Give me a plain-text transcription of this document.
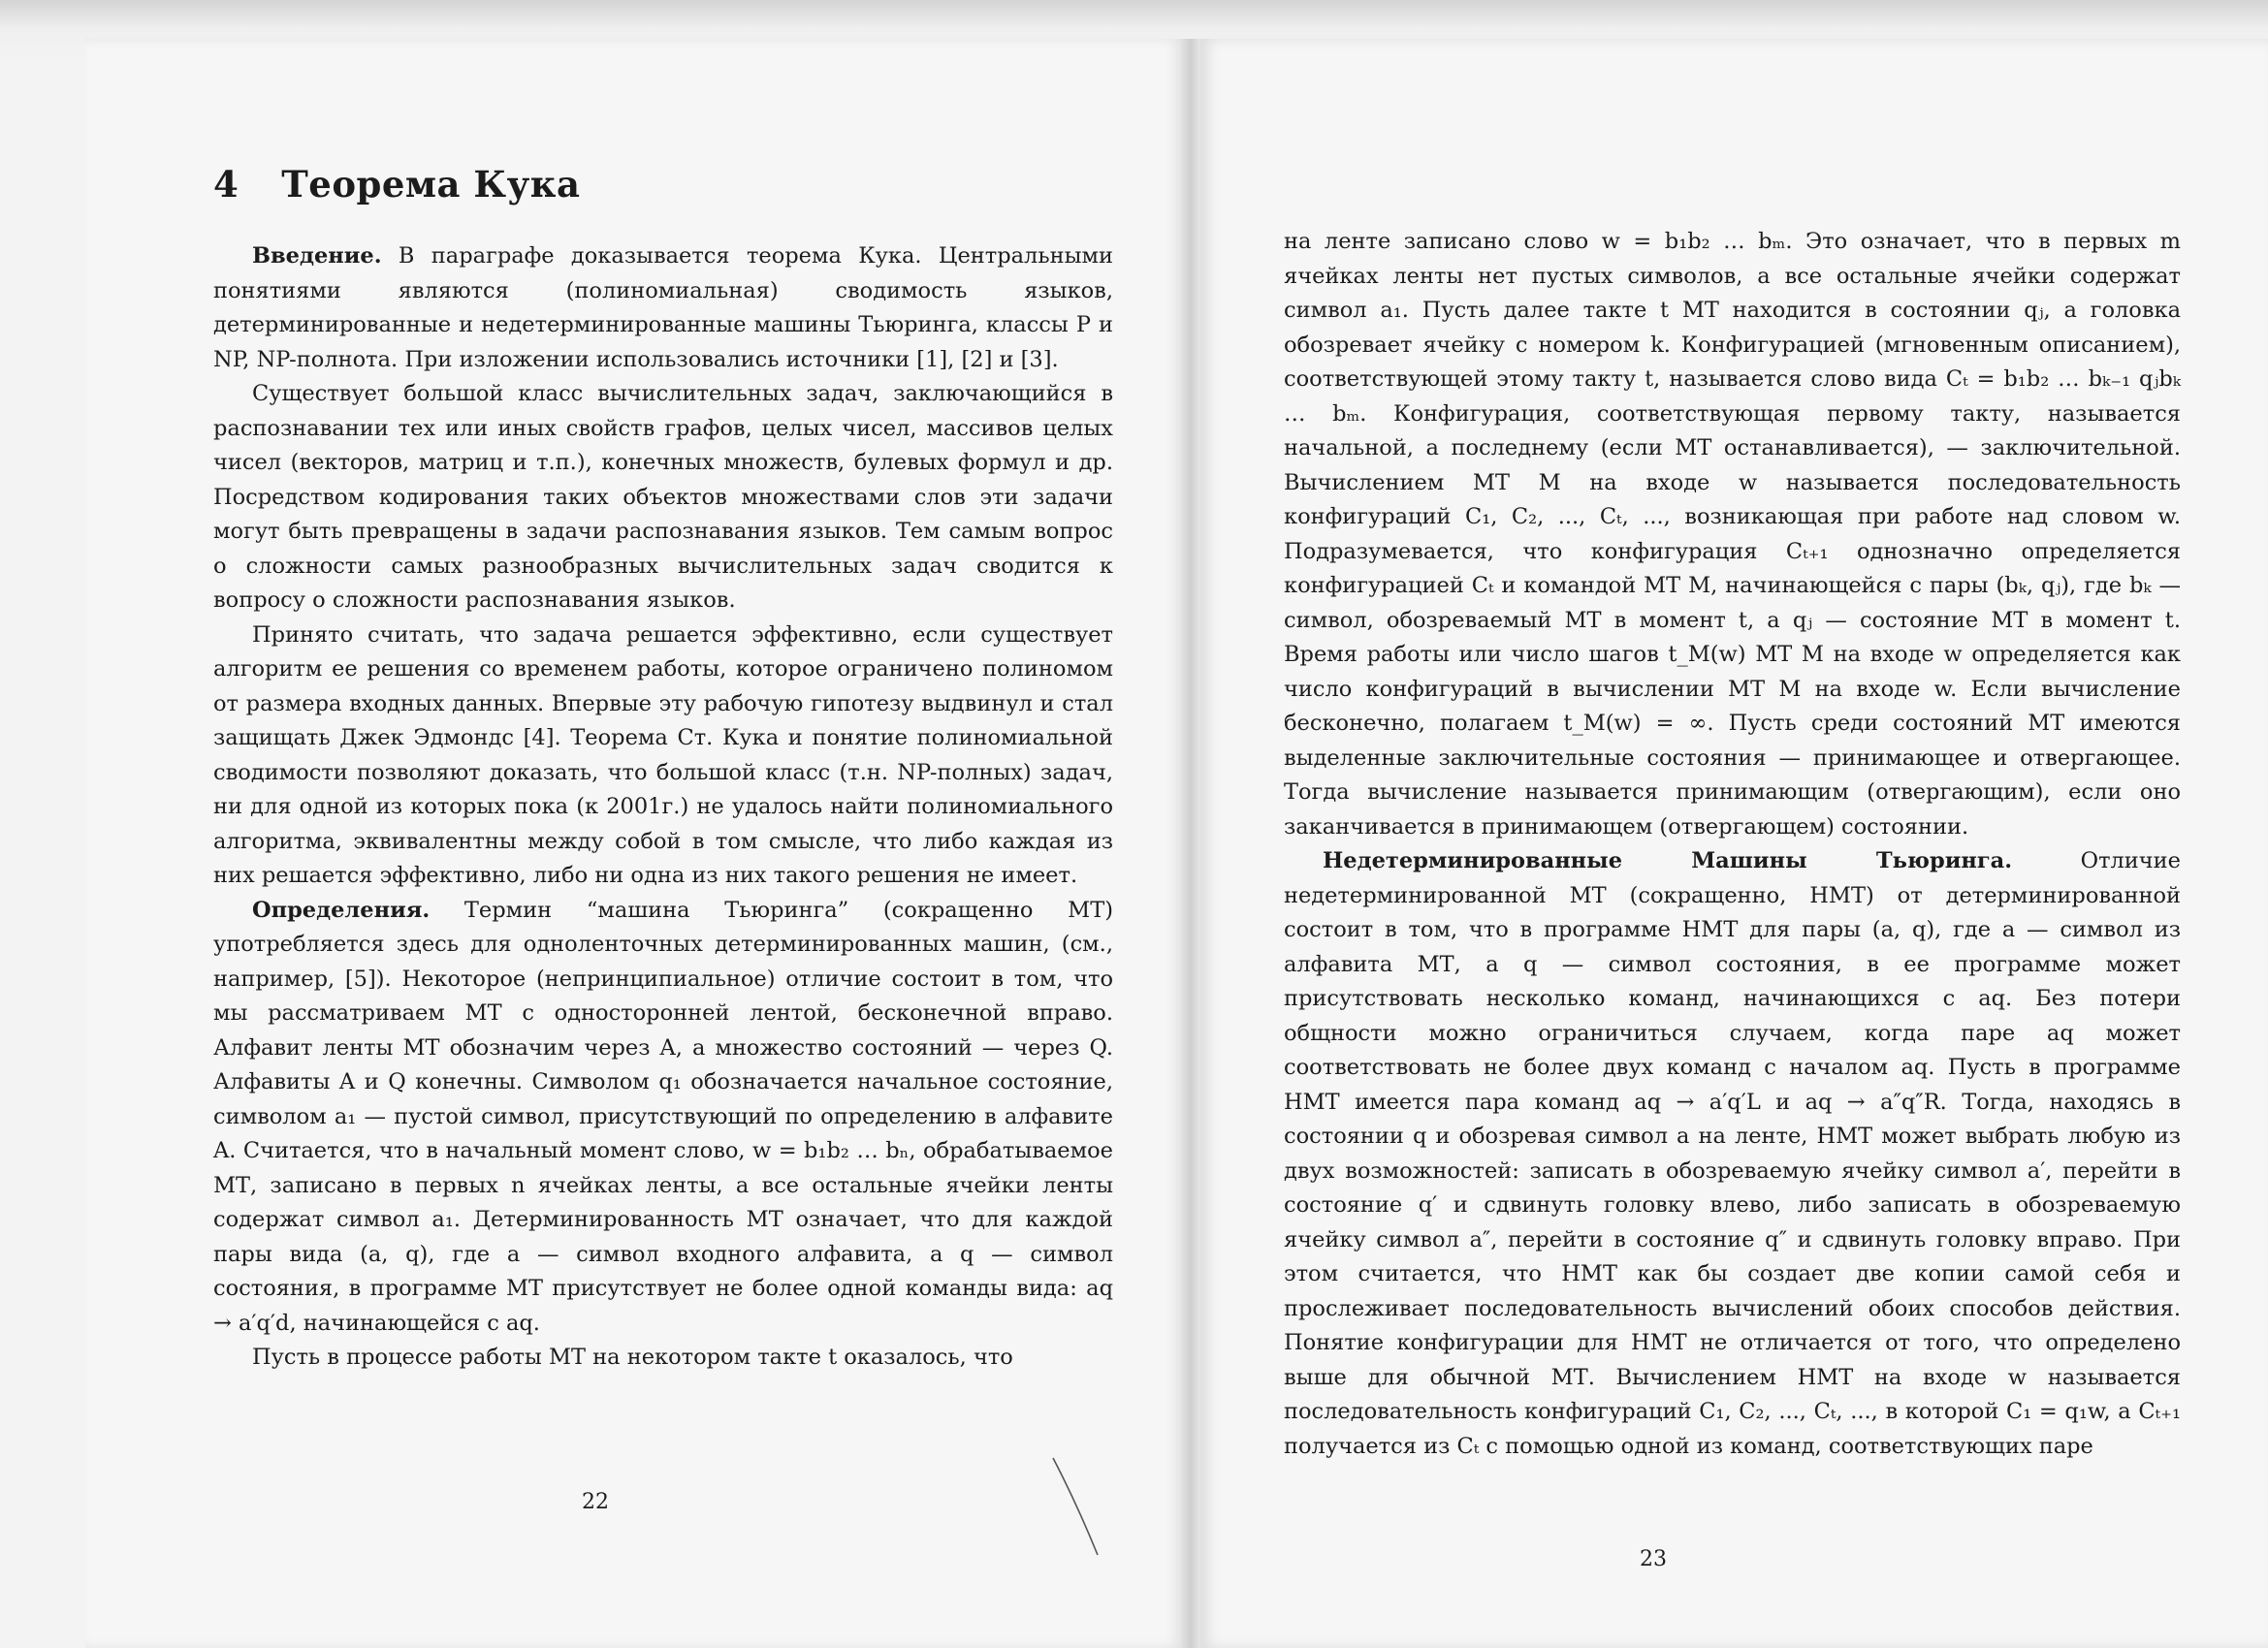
4 Теорема Кука

Введение. В параграфе доказывается теорема Кука. Центральными понятиями являются (полиномиальная) сводимость языков, детерминированные и недетерминированные машины Тьюринга, классы P и NP, NP-полнота. При изложении использовались источники [1], [2] и [3].

Существует большой класс вычислительных задач, заключающийся в распознавании тех или иных свойств графов, целых чисел, массивов целых чисел (векторов, матриц и т.п.), конечных множеств, булевых формул и др. Посредством кодирования таких объектов множествами слов эти задачи могут быть превращены в задачи распознавания языков. Тем самым вопрос о сложности самых разнообразных вычислительных задач сводится к вопросу о сложности распознавания языков.

Принято считать, что задача решается эффективно, если существует алгоритм ее решения со временем работы, которое ограничено полиномом от размера входных данных. Впервые эту рабочую гипотезу выдвинул и стал защищать Джек Эдмондс [4]. Теорема Ст. Кука и понятие полиномиальной сводимости позволяют доказать, что большой класс (т.н. NP-полных) задач, ни для одной из которых пока (к 2001г.) не удалось найти полиномиального алгоритма, эквивалентны между собой в том смысле, что либо каждая из них решается эффективно, либо ни одна из них такого решения не имеет.

Определения. Термин “машина Тьюринга” (сокращенно МТ) употребляется здесь для одноленточных детерминированных машин, (см., например, [5]). Некоторое (непринципиальное) отличие состоит в том, что мы рассматриваем МТ с односторонней лентой, бесконечной вправо. Алфавит ленты МТ обозначим через A, а множество состояний — через Q. Алфавиты A и Q конечны. Символом q₁ обозначается начальное состояние, символом a₁ — пустой символ, присутствующий по определению в алфавите A. Считается, что в начальный момент слово, w = b₁b₂ … bₙ, обрабатываемое МТ, записано в первых n ячейках ленты, а все остальные ячейки ленты содержат символ a₁. Детерминированность МТ означает, что для каждой пары вида (a, q), где a — символ входного алфавита, а q — символ состояния, в программе МТ присутствует не более одной команды вида: aq → a′q′d, начинающейся с aq.

Пусть в процессе работы МТ на некотором такте t оказалось, что

на ленте записано слово w = b₁b₂ … bₘ. Это означает, что в первых m ячейках ленты нет пустых символов, а все остальные ячейки содержат символ a₁. Пусть далее такте t МТ находится в состоянии qⱼ, а головка обозревает ячейку с номером k. Конфигурацией (мгновенным описанием), соответствующей этому такту t, называется слово вида Cₜ = b₁b₂ … bₖ₋₁ qⱼbₖ … bₘ. Конфигурация, соответствующая первому такту, называется начальной, а последнему (если МТ останавливается), — заключительной. Вычислением МТ M на входе w называется последовательность конфигураций C₁, C₂, ..., Cₜ, ..., возникающая при работе над словом w. Подразумевается, что конфигурация Cₜ₊₁ однозначно определяется конфигурацией Cₜ и командой МТ M, начинающейся с пары (bₖ, qⱼ), где bₖ — символ, обозреваемый МТ в момент t, а qⱼ — состояние МТ в момент t. Время работы или число шагов t_M(w) МТ M на входе w определяется как число конфигураций в вычислении МТ M на входе w. Если вычисление бесконечно, полагаем t_M(w) = ∞. Пусть среди состояний МТ имеются выделенные заключительные состояния — принимающее и отвергающее. Тогда вычисление называется принимающим (отвергающим), если оно заканчивается в принимающем (отвергающем) состоянии.

Недетерминированные Машины Тьюринга. Отличие недетерминированной МТ (сокращенно, НМТ) от детерминированной состоит в том, что в программе НМТ для пары (a, q), где a — символ из алфавита МТ, а q — символ состояния, в ее программе может присутствовать несколько команд, начинающихся с aq. Без потери общности можно ограничиться случаем, когда паре aq может соответствовать не более двух команд с началом aq. Пусть в программе НМТ имеется пара команд aq → a′q′L и aq → a″q″R. Тогда, находясь в состоянии q и обозревая символ a на ленте, НМТ может выбрать любую из двух возможностей: записать в обозреваемую ячейку символ a′, перейти в состояние q′ и сдвинуть головку влево, либо записать в обозреваемую ячейку символ a″, перейти в состояние q″ и сдвинуть головку вправо. При этом считается, что НМТ как бы создает две копии самой себя и прослеживает последовательность вычислений обоих способов действия. Понятие конфигурации для НМТ не отличается от того, что определено выше для обычной МТ. Вычислением НМТ на входе w называется последовательность конфигураций C₁, C₂, ..., Cₜ, ..., в которой C₁ = q₁w, а Cₜ₊₁ получается из Cₜ с помощью одной из команд, соответствующих паре

22
23
